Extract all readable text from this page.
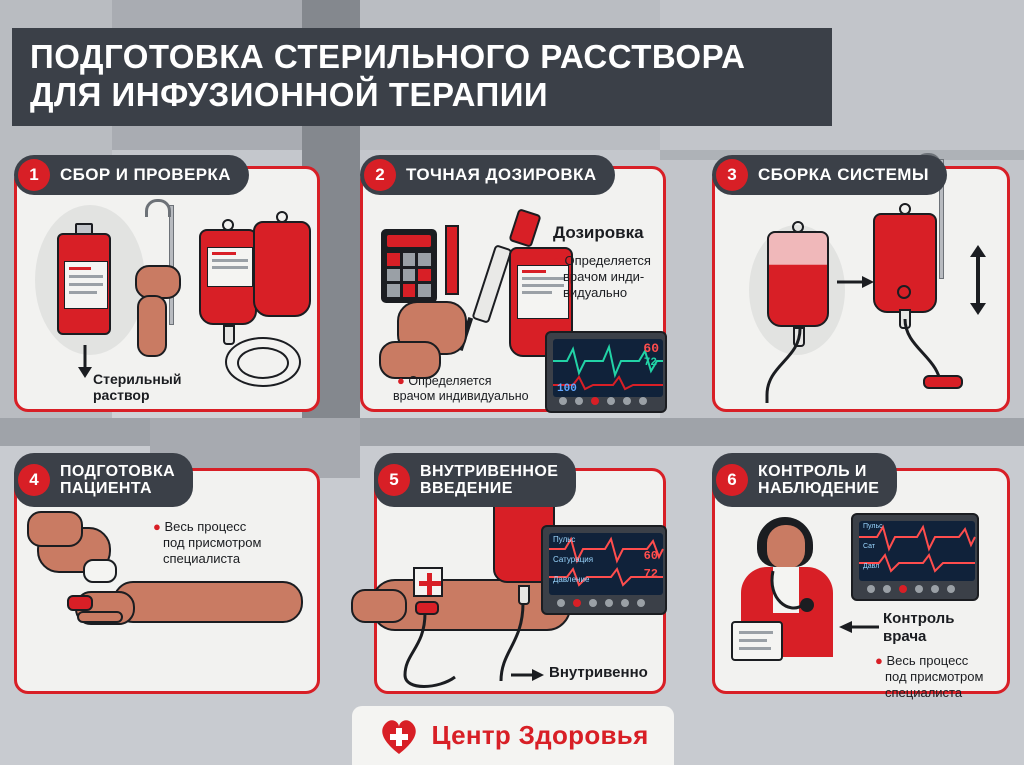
ПОДГОТОВКА СТЕРИЛЬНОГО РАССТВОРА
ДЛЯ ИНФУЗИОННОЙ ТЕРАПИИ
Стерильный
раствор
1	СБОР И ПРОВЕРКА
Дозировка
● Определяется
врачом инди-
видуально
60
72
100
● Определяется
врачом индивидуально
2	ТОЧНАЯ ДОЗИРОВКА	3	СБОРКА СИСТЕМЫ
● Весь процесс
под присмотром
специалиста
4	ПОДГОТОВКА
ПАЦИЕНТА
Пульс
Сатурация
Давление
60
72
Внутривенно
5	ВНУТРИВЕННОЕ
ВВЕДЕНИЕ
Пульс
Сат
Давл
Контроль
врача
● Весь процесс
под присмотром
специалиста
6	КОНТРОЛЬ И
НАБЛЮДЕНИЕ
Центр Здоровья
